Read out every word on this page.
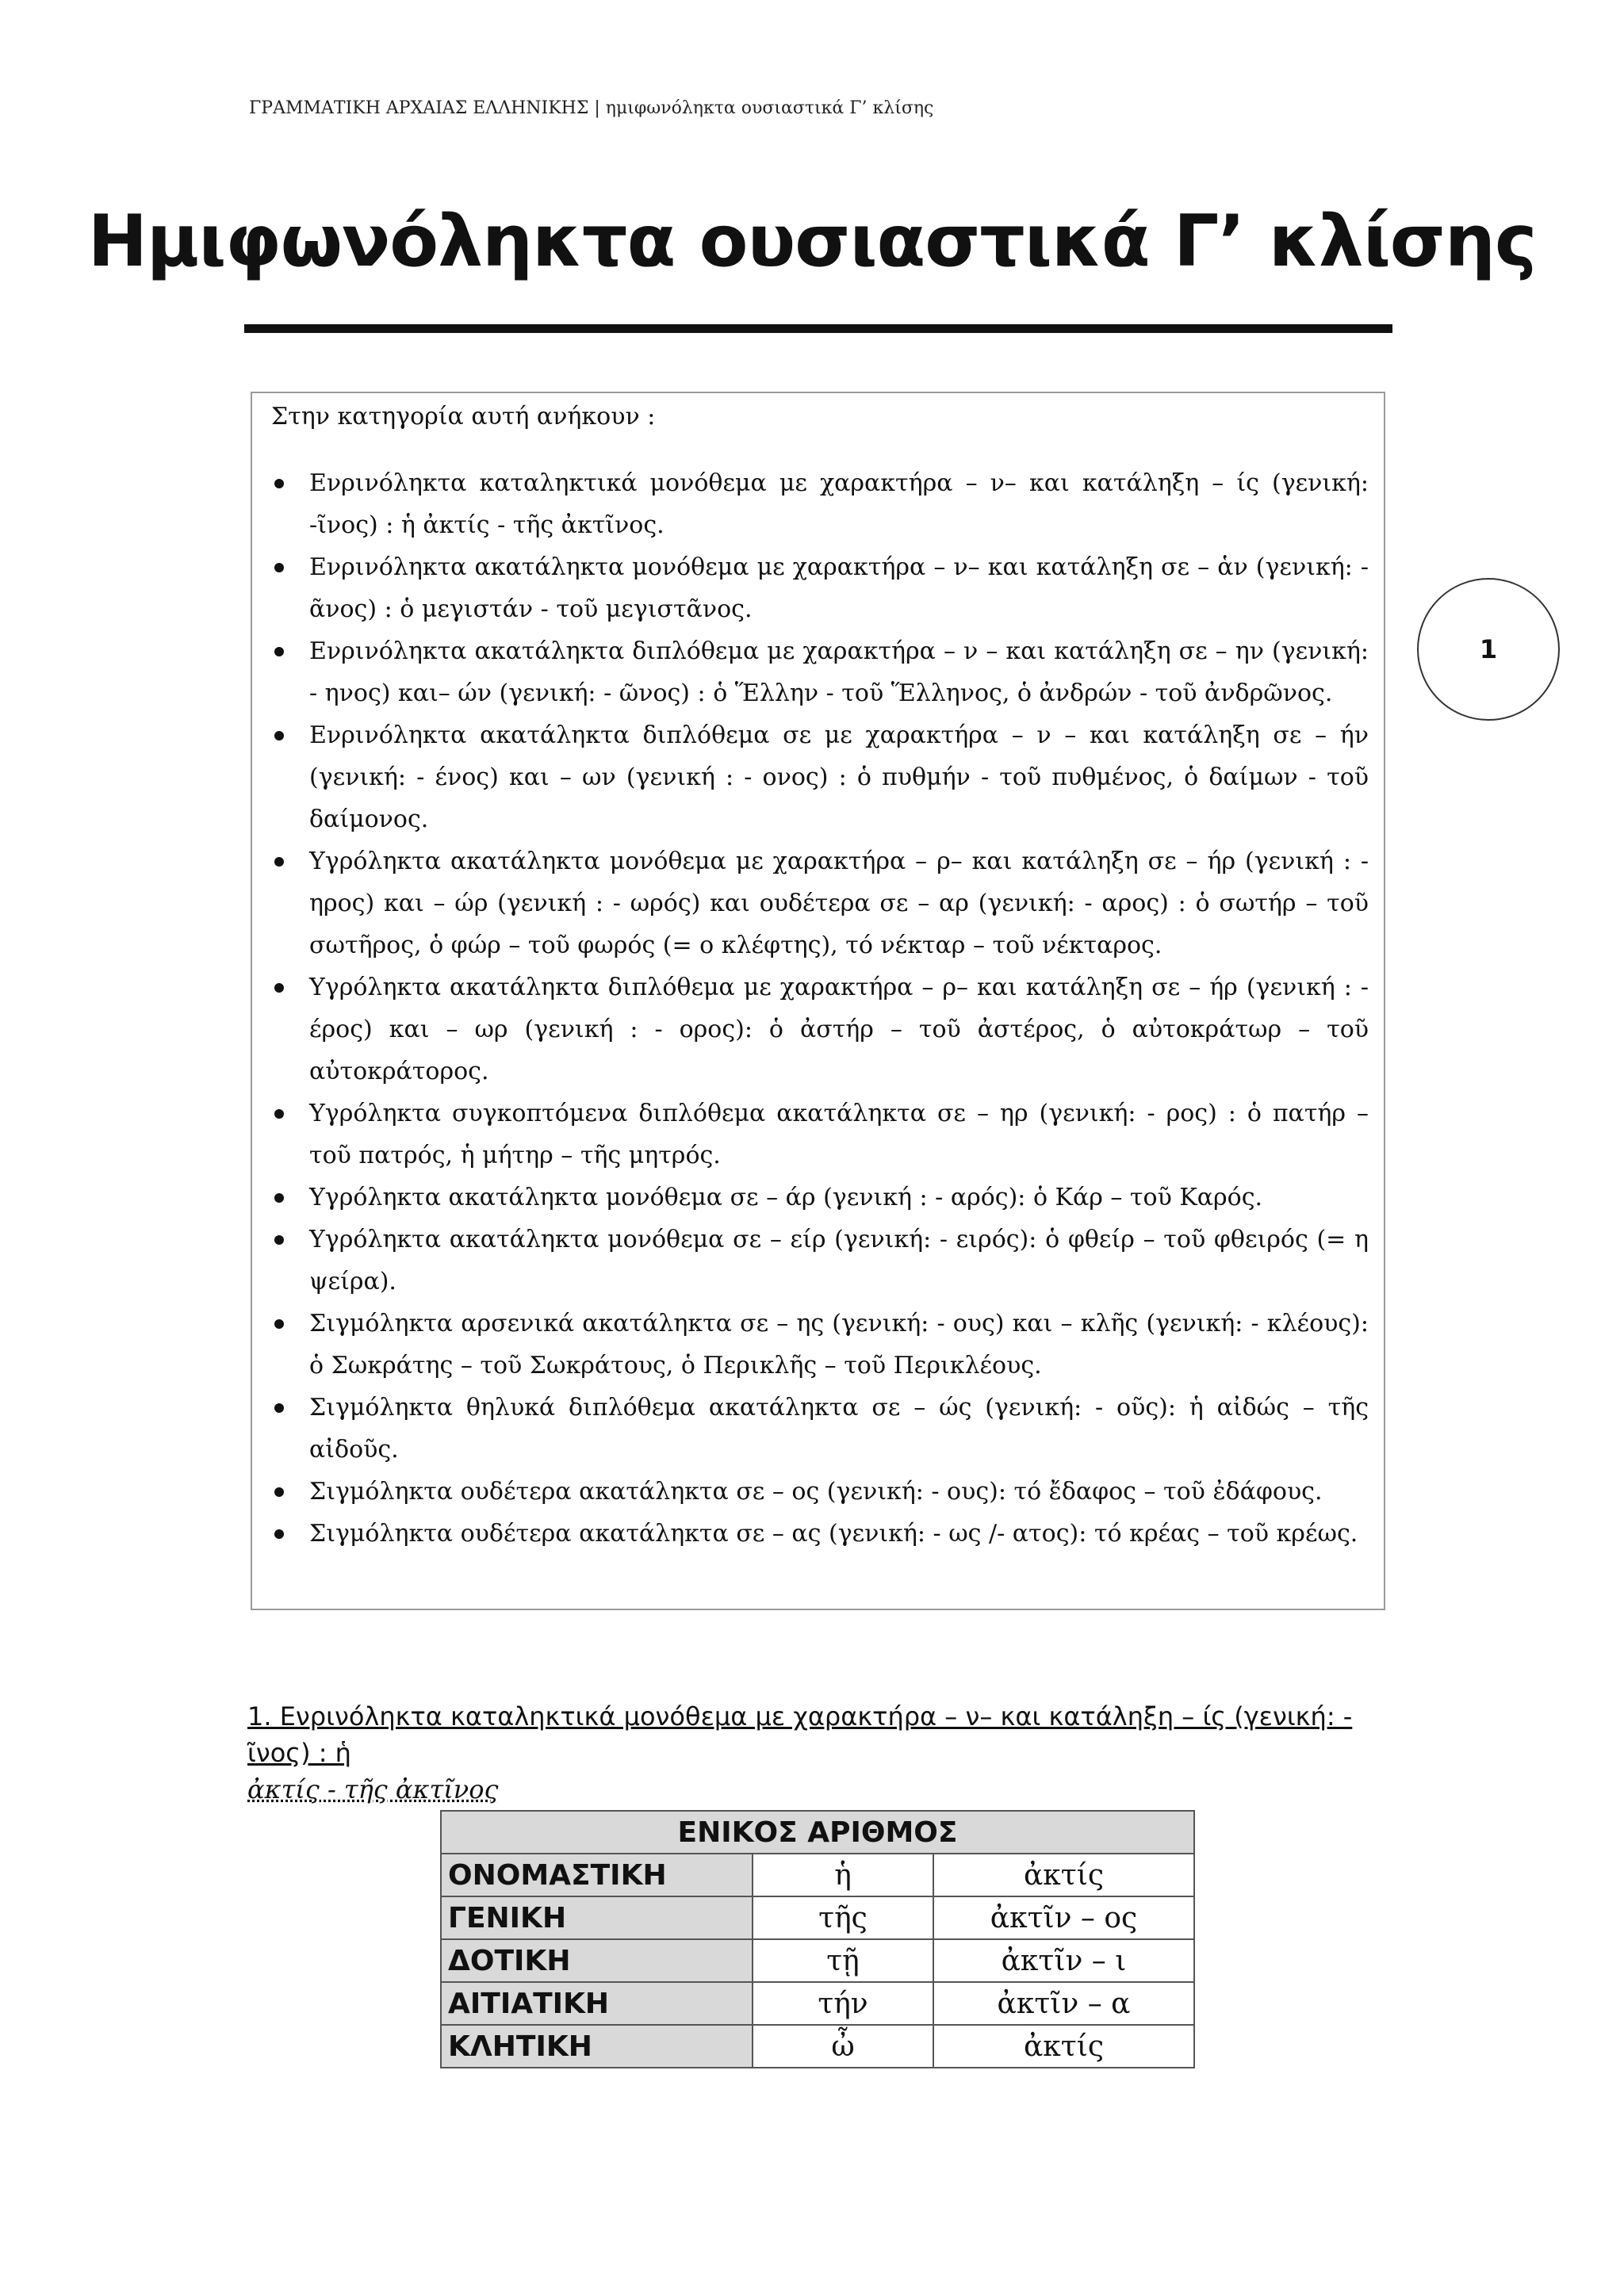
ΓΡΑΜΜΑΤΙΚΗ ΑΡΧΑΙΑΣ ΕΛΛΗΝΙΚΗΣ | ημιφωνόληκτα ουσιαστικά Γ’ κλίσης
Ημιφωνόληκτα ουσιαστικά Γ’ κλίσης
Στην κατηγορία αυτή ανήκουν :
Ενρινόληκτα καταληκτικά μονόθεμα με χαρακτήρα – ν– και κατάληξη – ίς (γενική: -ῖνος) : ἡ ἀκτίς - τῆς ἀκτῖνος.
Ενρινόληκτα ακατάληκτα μονόθεμα με χαρακτήρα – ν– και κατάληξη σε – ἁν (γενική: - ᾶνος) : ὁ μεγιστάν - τοῦ μεγιστᾶνος.
Ενρινόληκτα ακατάληκτα διπλόθεμα με χαρακτήρα – ν – και κατάληξη σε – ην (γενική: - ηνος) και– ών (γενική: - ῶνος) : ὁ Ἕλλην - τοῦ Ἕλληνος, ὁ ἀνδρών - τοῦ ἀνδρῶνος.
Ενρινόληκτα ακατάληκτα διπλόθεμα σε με χαρακτήρα – ν – και κατάληξη σε – ήν (γενική: - ένος) και – ων (γενική : - ονος) : ὁ πυθμήν - τοῦ πυθμένος, ὁ δαίμων - τοῦ δαίμονος.
Υγρόληκτα ακατάληκτα μονόθεμα με χαρακτήρα – ρ– και κατάληξη σε – ήρ (γενική : - ηρος) και – ώρ (γενική : - ωρός) και ουδέτερα σε – αρ (γενική: - αρος) : ὁ σωτήρ – τοῦ σωτῆρος, ὁ φώρ – τοῦ φωρός (= ο κλέφτης), τό νέκταρ – τοῦ νέκταρος.
Υγρόληκτα ακατάληκτα διπλόθεμα με χαρακτήρα – ρ– και κατάληξη σε – ήρ (γενική : - έρος) και – ωρ (γενική : - ορος): ὁ ἀστήρ – τοῦ ἀστέρος, ὁ αὐτοκράτωρ – τοῦ αὐτοκράτορος.
Υγρόληκτα συγκοπτόμενα διπλόθεμα ακατάληκτα σε – ηρ (γενική: - ρος) : ὁ πατήρ – τοῦ πατρός, ἡ μήτηρ – τῆς μητρός.
Υγρόληκτα ακατάληκτα μονόθεμα σε – άρ (γενική : - αρός): ὁ Κάρ – τοῦ Καρός.
Υγρόληκτα ακατάληκτα μονόθεμα σε – είρ (γενική: - ειρός): ὁ φθείρ – τοῦ φθειρός (= η ψείρα).
Σιγμόληκτα αρσενικά ακατάληκτα σε – ης (γενική: - ους) και – κλῆς (γενική: - κλέους): ὁ Σωκράτης – τοῦ Σωκράτους, ὁ Περικλῆς – τοῦ Περικλέους.
Σιγμόληκτα θηλυκά διπλόθεμα ακατάληκτα σε – ώς (γενική: - οῦς): ἡ αἰδώς – τῆς αἰδοῦς.
Σιγμόληκτα ουδέτερα ακατάληκτα σε – ος (γενική: - ους): τό ἔδαφος – τοῦ ἐδάφους.
Σιγμόληκτα ουδέτερα ακατάληκτα σε – ας (γενική: - ως /- ατος): τό κρέας – τοῦ κρέως.
1
1. Ενρινόληκτα καταληκτικά μονόθεμα με χαρακτήρα – ν– και κατάληξη – ίς (γενική: - ῖνος) : ἡ
ἀκτίς - τῆς ἀκτῖνος
ΕΝΙΚΟΣ ΑΡΙΘΜΟΣ		
ΟΝΟΜΑΣΤΙΚΗ	ἡ	ἀκτίς
ΓΕΝΙΚΗ	τῆς	ἀκτῖν – ος
ΔΟΤΙΚΗ	τῇ	ἀκτῖν – ι
ΑΙΤΙΑΤΙΚΗ	τήν	ἀκτῖν – α
ΚΛΗΤΙΚΗ	ὦ	ἀκτίς
